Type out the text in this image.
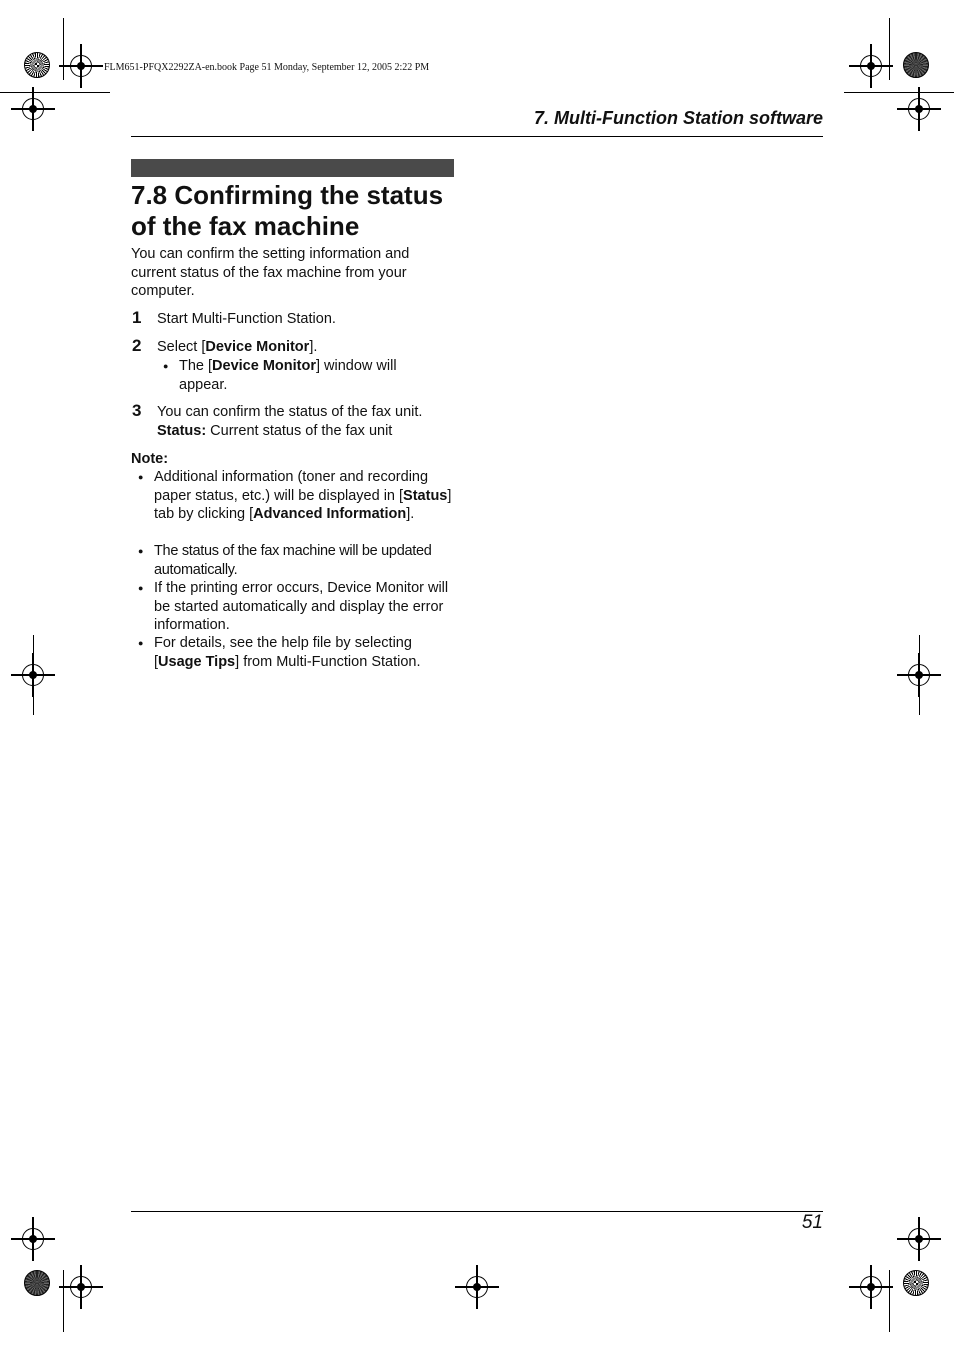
FLM651-PFQX2292ZA-en.book Page 51 Monday, September 12, 2005 2:22 PM
7. Multi-Function Station software
7.8 Confirming the status of the fax machine
You can confirm the setting information and current status of the fax machine from your computer.
1 Start Multi-Function Station.
2 Select [Device Monitor].
● The [Device Monitor] window will appear.
3 You can confirm the status of the fax unit.
Status: Current status of the fax unit
Note:
● Additional information (toner and recording paper status, etc.) will be displayed in [Status] tab by clicking [Advanced Information].
● The status of the fax machine will be updated automatically.
● If the printing error occurs, Device Monitor will be started automatically and display the error information.
● For details, see the help file by selecting [Usage Tips] from Multi-Function Station.
51
